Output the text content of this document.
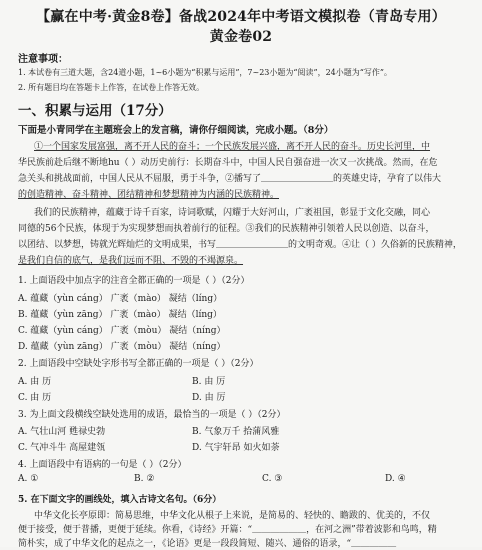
【赢在中考·黄金8卷】备战2024年中考语文模拟卷（青岛专用）
黄金卷02
注意事项：
1. 本试卷有三道大题，含24道小题，1~6小题为“积累与运用”，7~23小题为“阅读”，24小题为“写作”。
2. 所有题目均在答题卡上作答，在试卷上作答无效。
一、积累与运用（17分）
下面是小青同学在主题班会上的发言稿，请你仔细阅读，完成小题。（8分）
①一个国家发展富强，离不开人民的奋斗；一个民族发展兴盛，离不开人民的奋斗。历史长河里，中
华民族前赴后继不断地hu（ ）动历史前行：长期奋斗中，中国人民自强奋进一次又一次挑战。然而，在危
急关头和挑战面前，中国人民从不屈服，勇于斗争，②播写了＿＿＿＿＿＿＿＿的英雄史诗，孕育了以伟大
的创造精神、奋斗精神、团结精神和梦想精神为内涵的民族精神。
我们的民族精神，蕴藏于诗千百家，诗词歌赋，闪耀于大好河山，广袤祖国，彰显于文化交融，同心
同德的56个民族，体现于为实现梦想而执着前行的征程。③我们的民族精神引领着人民以创造、以奋斗，
以团结、以梦想，铸就光辉灿烂的文明成果，书写＿＿＿＿＿＿＿＿的文明奇观。④让（ ）久俗新的民族精神，
是我们自信的底气，是我们远而不阻、不毁的不竭源泉。
1. 上面语段中加点字的注音全都正确的一项是（ ）（2分）
A. 蕴藏（yùn cáng） 广袤（mào） 凝结（líng）
B. 蕴藏（yùn zāng） 广袤（mào） 凝结（líng）
C. 蕴藏（yùn cáng） 广袤（mòu） 凝结（níng）
D. 蕴藏（yùn zāng） 广袤（mòu） 凝结（níng）
2. 上面语段中空缺处字形书写全都正确的一项是（ ）（2分）
A. 由 历	B. 由 厉
C. 由 历	D. 由 厉
3. 为上面文段横线空缺处选用的成语，最恰当的一项是（ ）（2分）
A. 气壮山河 甦禄史勃	B. 气象万千 拾蒲风雅
C. 气冲斗牛 高屋建瓴	D. 气宇轩昂 如火如荼
4. 上面语段中有语病的一句是（ ）（2分）
A. ①	B. ②	C. ③	D. ④
5. 在下面文字的画线处，填入古诗文名句。（6分）
中华文化长亭原即：简易思维，中华文化从根子上来说，是简易的、轻快的、瞻跋的、优美的，不仅
便于接受，便于普播，更便于延续。你看，《诗经》开篇：“＿＿＿＿＿＿，在河之洲”带着波影和鸟鸣，精
简朴实，成了中华文化的起点之一，《论语》更是一段段简短、随兴、通俗的语录，“＿＿＿＿＿
